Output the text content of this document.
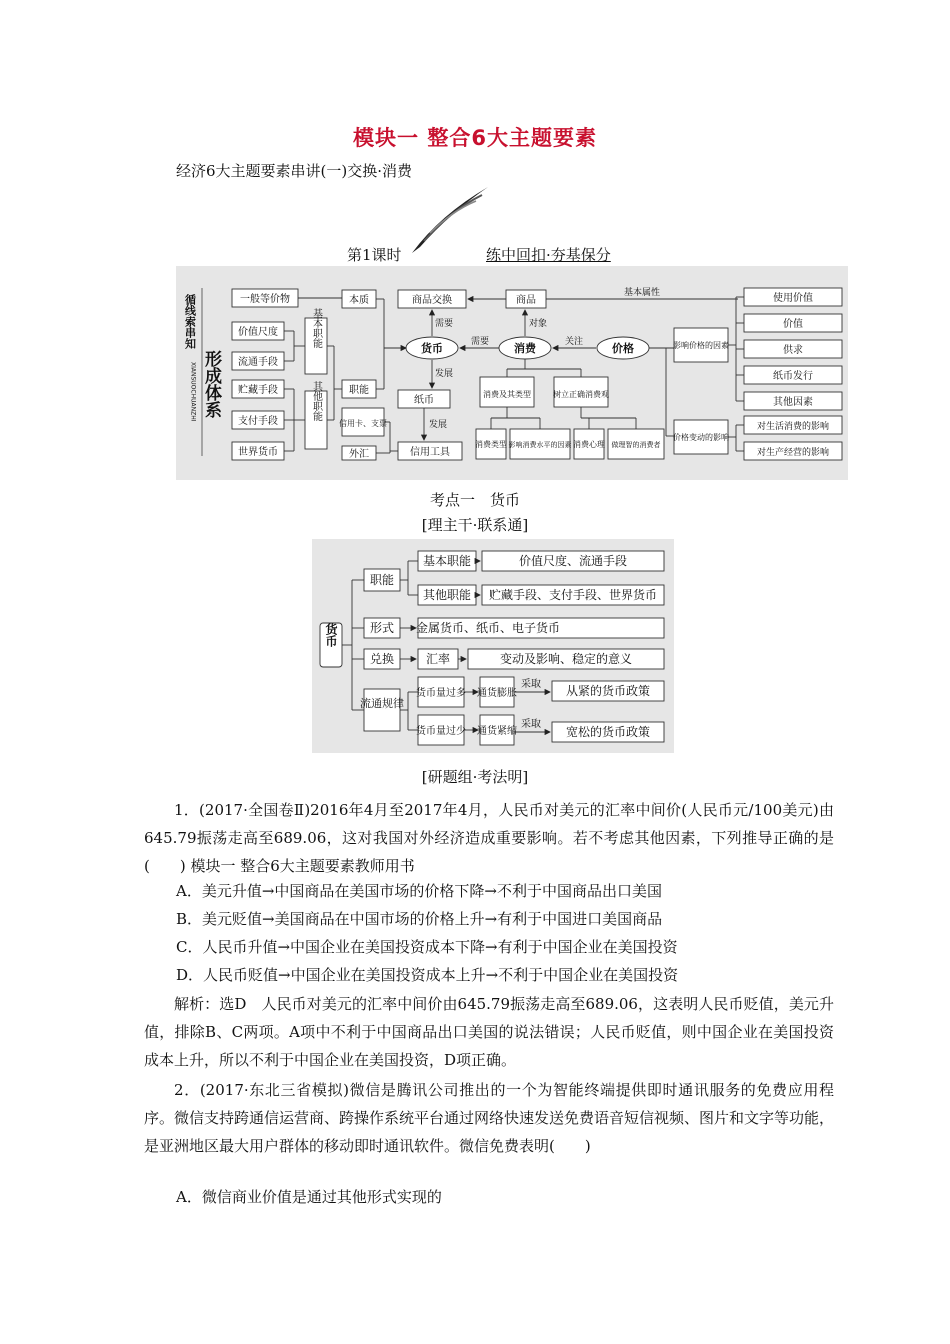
模块一 整合6大主题要素
经济6大主题要素串讲(一)交换·消费
第1课时	练中回扣·夯基保分
循线索串知
XIANSUOCHUANZHI 形成体系
一般等价物
价值尺度
流通手段
贮藏手段
支付手段
世界货币
基本职能
其他职能
本质
职能
信用卡、支票
外汇
商品交换
纸币
信用工具
货币
商品
消费	价格
消费及其类型	树立正确消费观
消费类型 影响消费水平的因素 消费心理 做理智的消费者
影响价格的因素
价格变动的影响
使用价值
价值
供求
纸币发行
其他因素
对生活消费的影响
对生产经营的影响
需要
发展
发展
需要
对象
关注
基本属性
考点一　货币
[理主干·联系通]
货币
职能
基本职能	价值尺度、流通手段
其他职能 贮藏手段、支付手段、世界货币
形式 金属货币、纸币、电子货币
兑换	汇率	变动及影响、稳定的意义
流通规律
货币量过多 通货膨胀
采取 从紧的货币政策
货币量过少 通货紧缩
采取
宽松的货币政策
[研题组·考法明]
1．(2017·全国卷Ⅱ)2016年4月至2017年4月，人民币对美元的汇率中间价(人民币元/100美元)由645.79振荡走高至689.06，这对我国对外经济造成重要影响。若不考虑其他因素，下列推导正确的是(　　) 模块一 整合6大主题要素教师用书
A．美元升值→中国商品在美国市场的价格下降→不利于中国商品出口美国
B．美元贬值→美国商品在中国市场的价格上升→有利于中国进口美国商品
C．人民币升值→中国企业在美国投资成本下降→有利于中国企业在美国投资
D．人民币贬值→中国企业在美国投资成本上升→不利于中国企业在美国投资
解析：选D　人民币对美元的汇率中间价由645.79振荡走高至689.06，这表明人民币贬值，美元升值，排除B、C两项。A项中不利于中国商品出口美国的说法错误；人民币贬值，则中国企业在美国投资成本上升，所以不利于中国企业在美国投资，D项正确。
2．(2017·东北三省模拟)微信是腾讯公司推出的一个为智能终端提供即时通讯服务的免费应用程序。微信支持跨通信运营商、跨操作系统平台通过网络快速发送免费语音短信视频、图片和文字等功能，是亚洲地区最大用户群体的移动即时通讯软件。微信免费表明(　　)
A．微信商业价值是通过其他形式实现的
